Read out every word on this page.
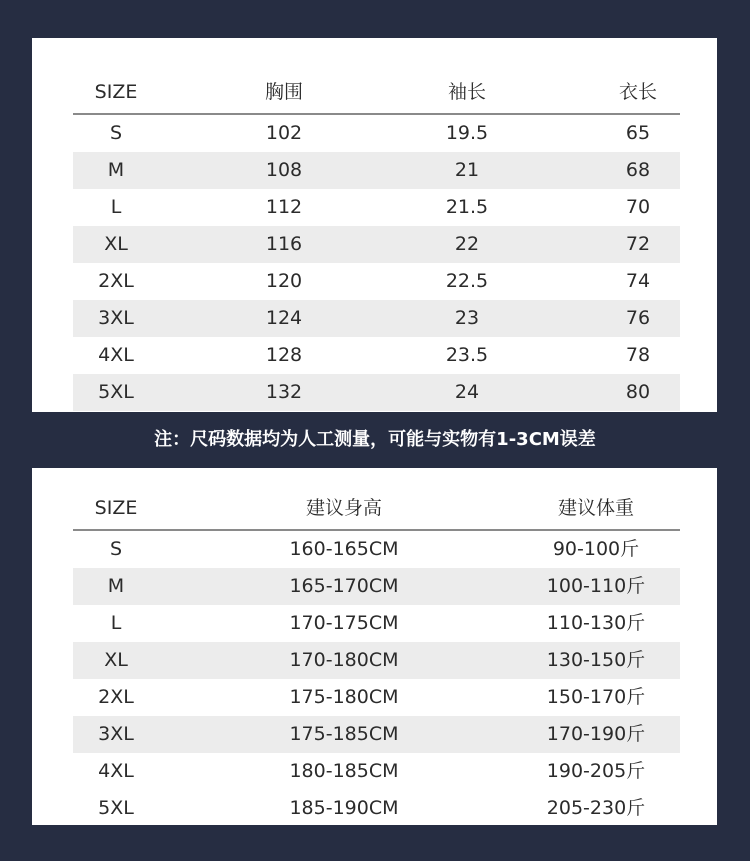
SIZE	胸围	袖长	衣长
S	102	19.5	65
M	108	21	68
L	112	21.5	70
XL	116	22	72
2XL	120	22.5	74
3XL	124	23	76
4XL	128	23.5	78
5XL	132	24	80
注：尺码数据均为人工测量，可能与实物有1-3CM误差
SIZE	建议身高	建议体重
S	160-165CM	90-100斤
M	165-170CM	100-110斤
L	170-175CM	110-130斤
XL	170-180CM	130-150斤
2XL	175-180CM	150-170斤
3XL	175-185CM	170-190斤
4XL	180-185CM	190-205斤
5XL	185-190CM	205-230斤
